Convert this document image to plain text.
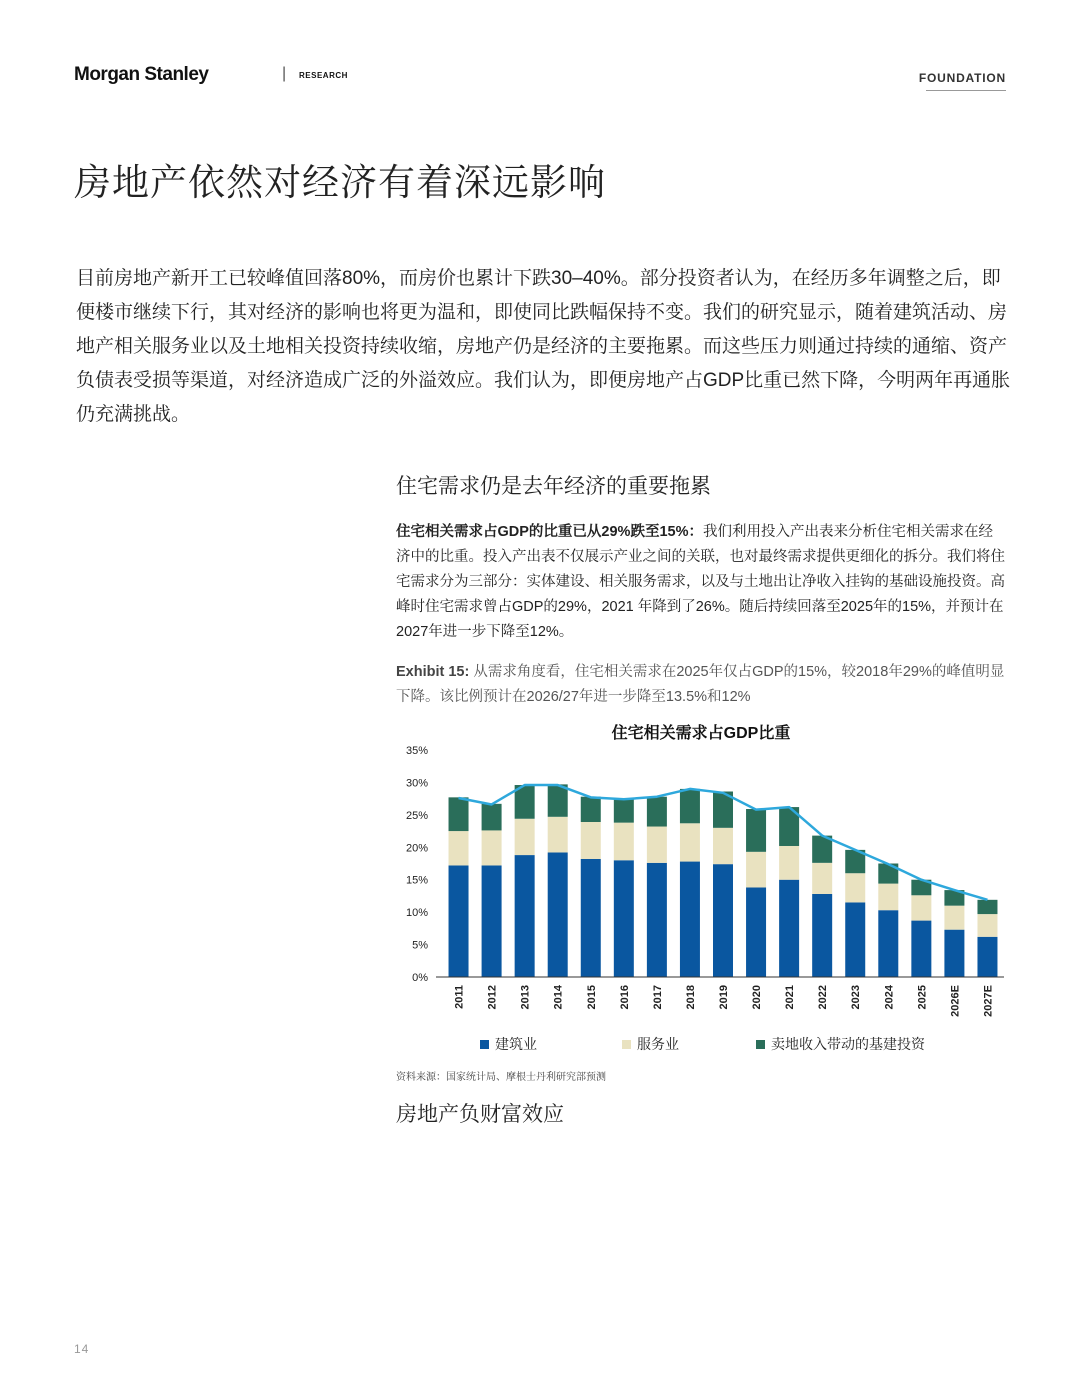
Morgan Stanley	| RESEARCH	FOUNDATION
房地产依然对经济有着深远影响

目前房地产新开工已较峰值回落80%，而房价也累计下跌30–40%。部分投资者认为，在经历多年调整之后，即便楼市继续下行，其对经济的影响也将更为温和，即使同比跌幅保持不变。我们的研究显示，随着建筑活动、房地产相关服务业以及土地相关投资持续收缩，房地产仍是经济的主要拖累。而这些压力则通过持续的通缩、资产负债表受损等渠道，对经济造成广泛的外溢效应。我们认为，即便房地产占GDP比重已然下降，今明两年再通胀仍充满挑战。

住宅需求仍是去年经济的重要拖累

住宅相关需求占GDP的比重已从29%跌至15%：我们利用投入产出表来分析住宅相关需求在经济中的比重。投入产出表不仅展示产业之间的关联，也对最终需求提供更细化的拆分。我们将住宅需求分为三部分：实体建设、相关服务需求，以及与土地出让净收入挂钩的基础设施投资。高峰时住宅需求曾占GDP的29%，2021 年降到了26%。随后持续回落至2025年的15%，并预计在2027年进一步下降至12%。

Exhibit 15: 从需求角度看，住宅相关需求在2025年仅占GDP的15%，较2018年29%的峰值明显下降。该比例预计在2026/27年进一步降至13.5%和12%

住宅相关需求占GDP比重
35%
30%
25%
20%
15%
10%
5%
0%
2011 2012 2013 2014 2015 2016 2017 2018 2019 2020 2021 2022 2023 2024 2025 2026E 2027E
建筑业	服务业	卖地收入带动的基建投资
资料来源：国家统计局、摩根士丹利研究部预测
房地产负财富效应
14
